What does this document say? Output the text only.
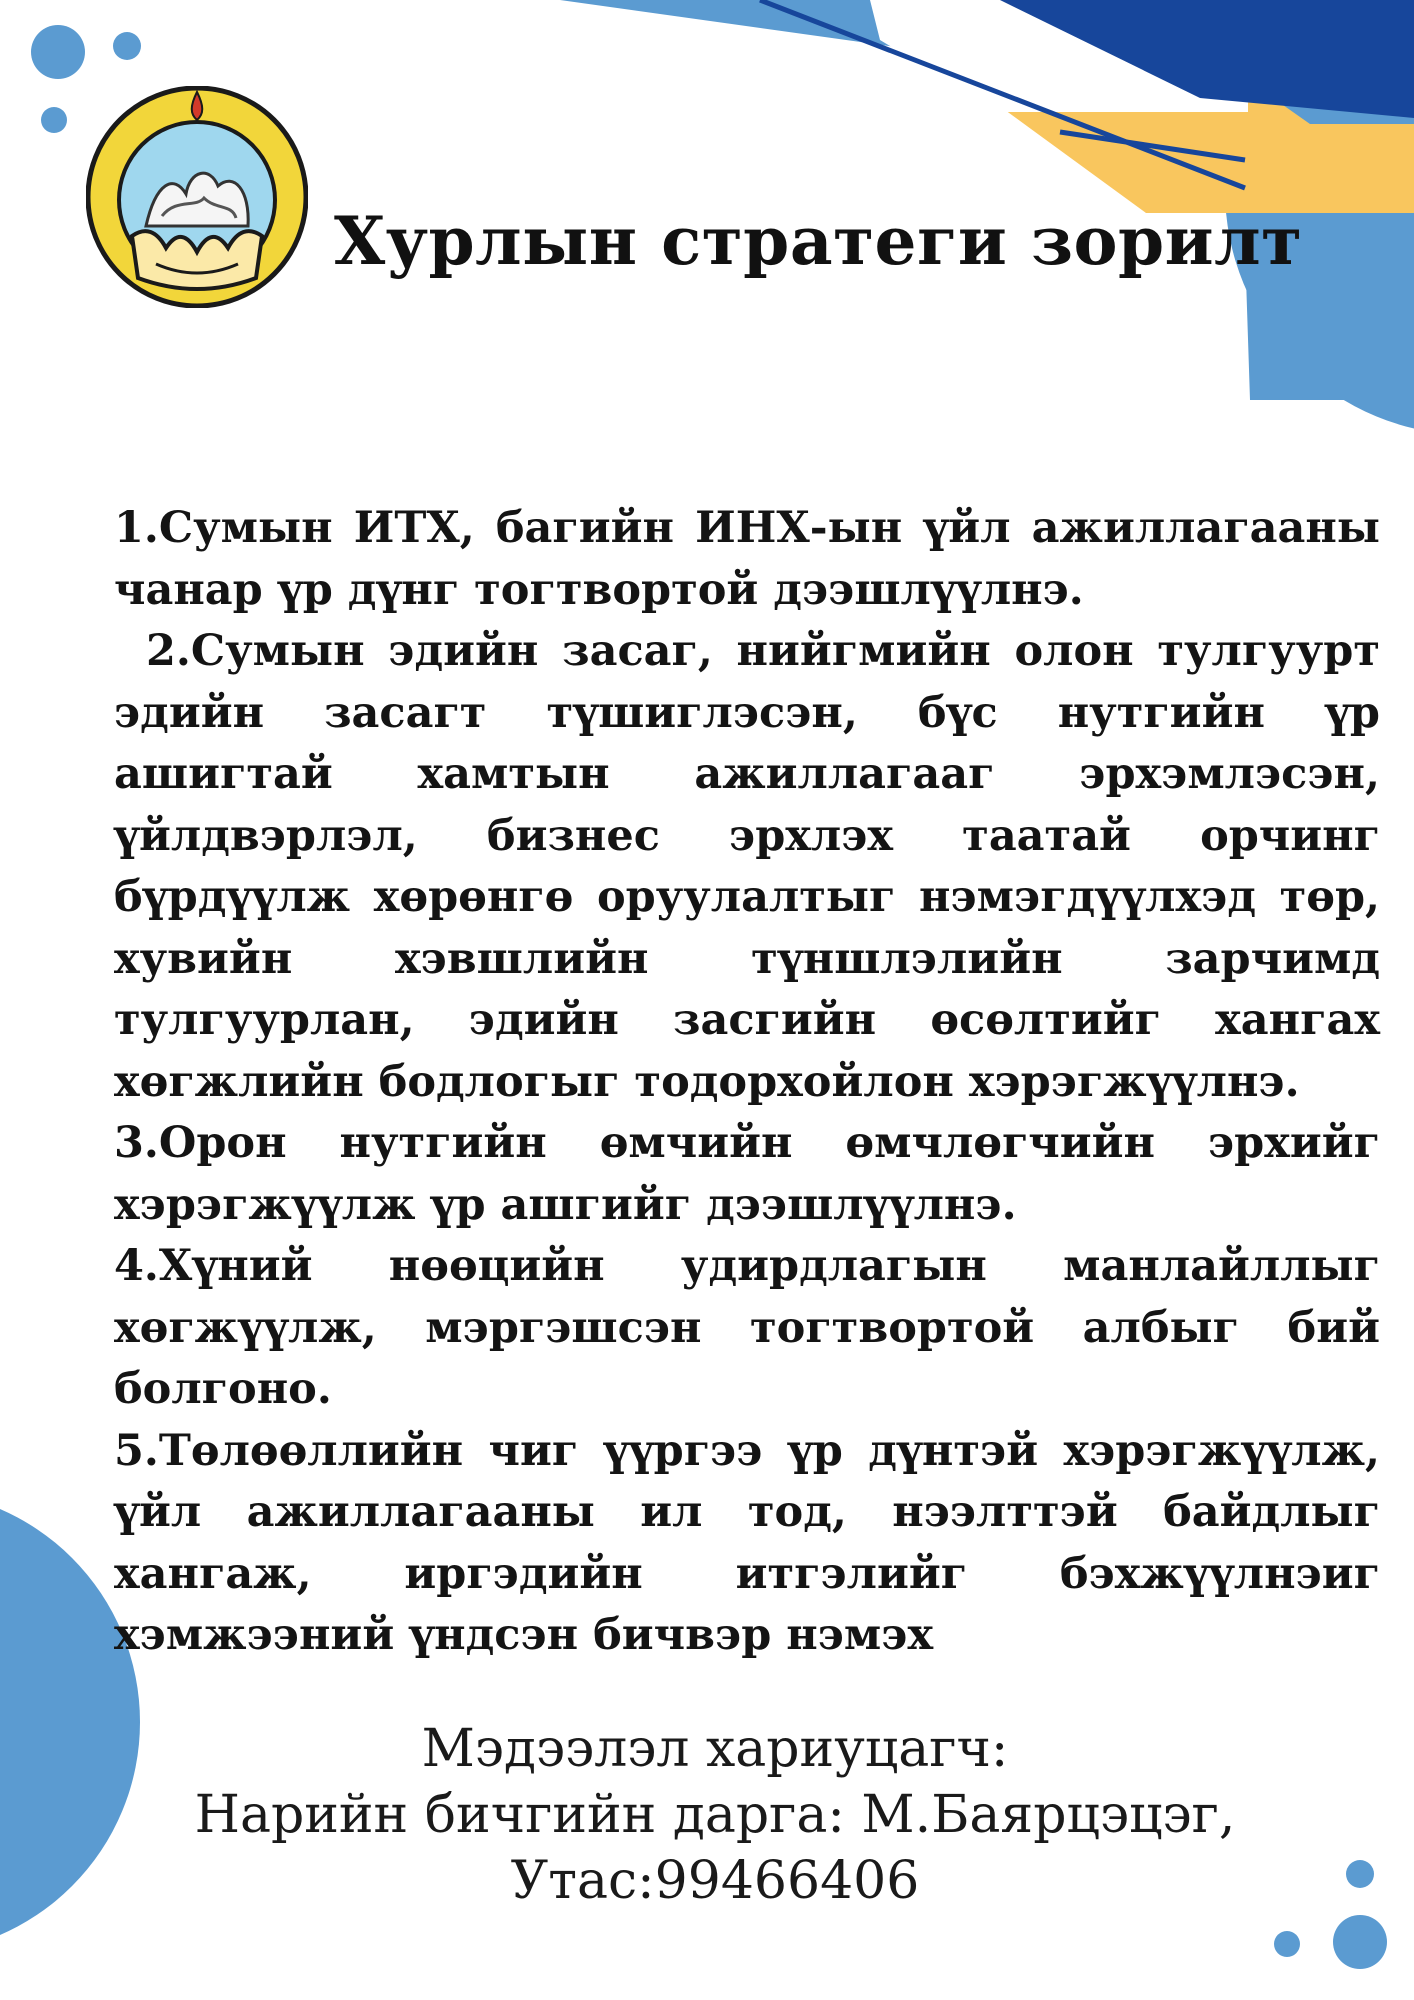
Хурлын стратеги зорилт

1.Сумын ИТХ, багийн ИНХ-ын үйл ажиллагааны чанар үр дүнг тогтвортой дээшлүүлнэ.

2.Сумын эдийн засаг, нийгмийн олон тулгуурт эдийн засагт түшиглэсэн, бүс нутгийн үр ашигтай хамтын ажиллагааг эрхэмлэсэн, үйлдвэрлэл, бизнес эрхлэх таатай орчинг бүрдүүлж хөрөнгө оруулалтыг нэмэгдүүлхэд төр, хувийн хэвшлийн түншлэлийн зарчимд тулгуурлан, эдийн засгийн өсөлтийг хангах хөгжлийн бодлогыг тодорхойлон хэрэгжүүлнэ.

3.Орон нутгийн өмчийн өмчлөгчийн эрхийг хэрэгжүүлж үр ашгийг дээшлүүлнэ.

4.Хүний нөөцийн удирдлагын манлайллыг хөгжүүлж, мэргэшсэн тогтвортой албыг бий болгоно.

5.Төлөөллийн чиг үүргээ үр дүнтэй хэрэгжүүлж, үйл ажиллагааны ил тод, нээлттэй байдлыг хангаж, иргэдийн итгэлийг бэхжүүлнэиг хэмжээний үндсэн бичвэр нэмэх

Мэдээлэл хариуцагч:
Нарийн бичгийн дарга: М.Баярцэцэг,
Утас:99466406
